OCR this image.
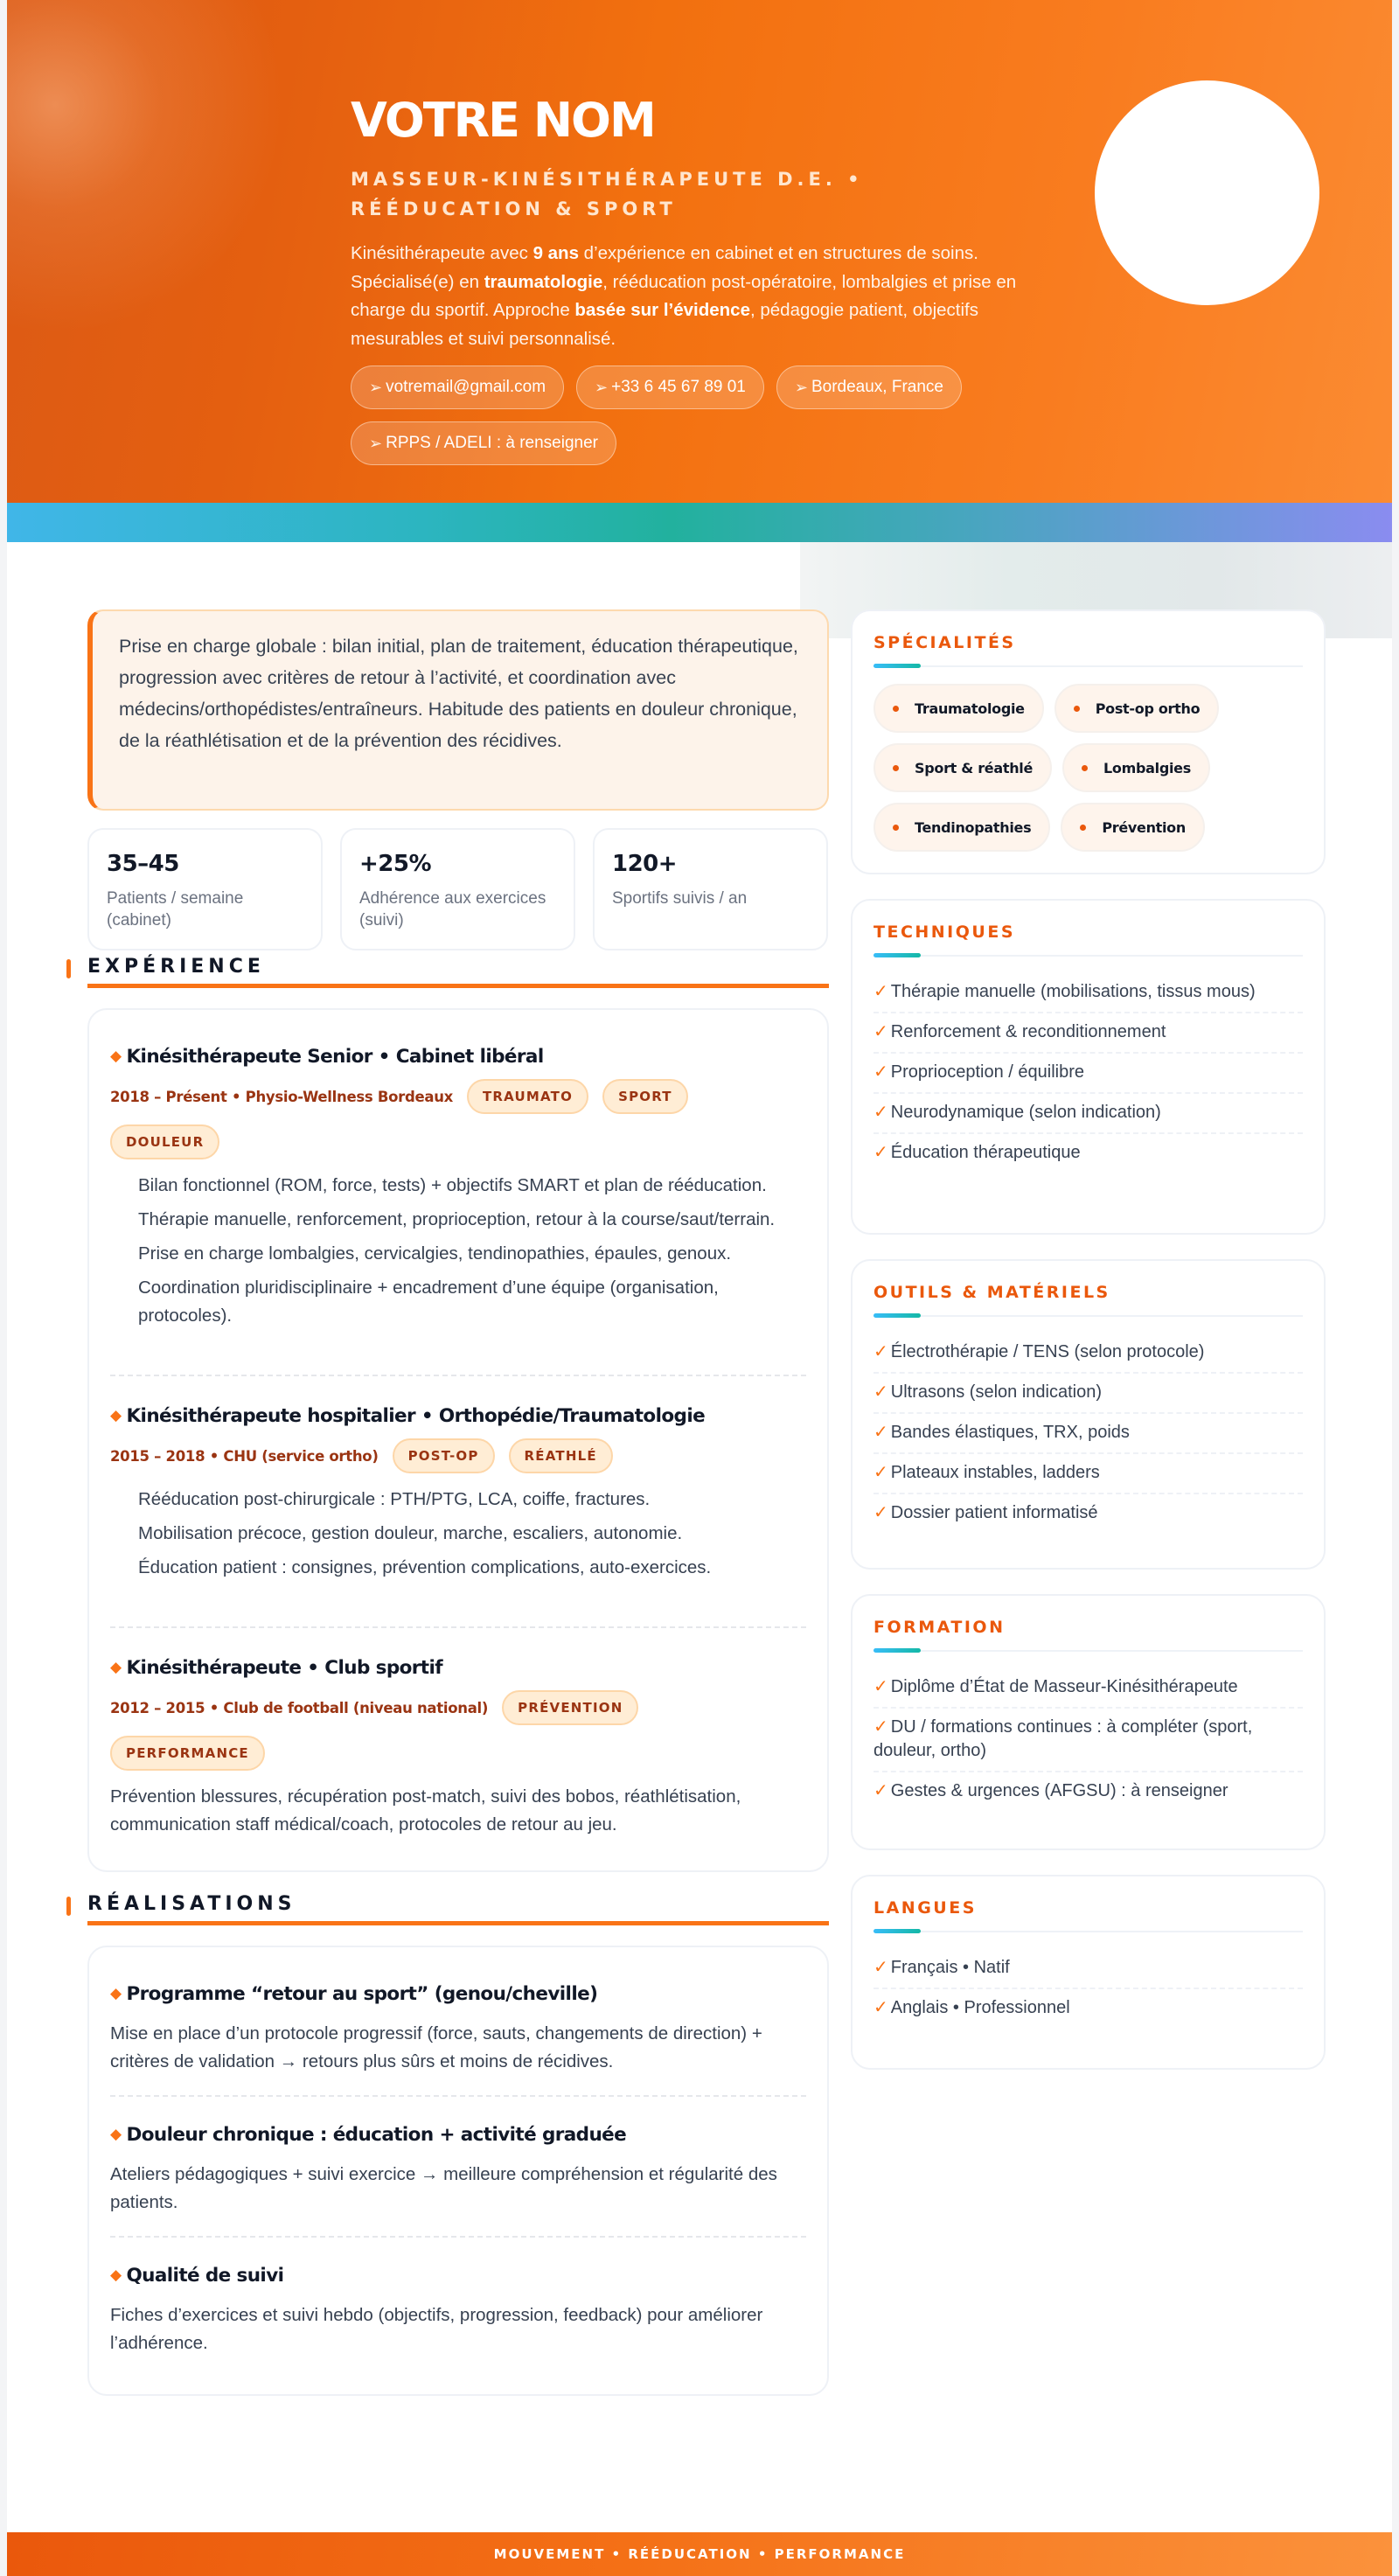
VOTRE NOM
MASSEUR-KINÉSITHÉRAPEUTE D.E. •
RÉÉDUCATION & SPORT

Kinésithérapeute avec 9 ans d’expérience en cabinet et en structures de soins. Spécialisé(e) en traumatologie, rééducation post-opératoire, lombalgies et prise en charge du sportif. Approche basée sur l’évidence, pédagogie patient, objectifs mesurables et suivi personnalisé.

➢ votremail@gmail.com	➢ +33 6 45 67 89 01	➢ Bordeaux, France
➢ RPPS / ADELI : à renseigner
Prise en charge globale : bilan initial, plan de traitement, éducation thérapeutique, progression avec critères de retour à l’activité, et coordination avec médecins/orthopédistes/entraîneurs. Habitude des patients en douleur chronique, de la réathlétisation et de la prévention des récidives.
35–45
Patients / semaine (cabinet)
+25%
Adhérence aux exercices (suivi)
120+
Sportifs suivis / an
EXPÉRIENCE
◆ Kinésithérapeute Senior • Cabinet libéral
2018 – Présent • Physio-Wellness Bordeaux	TRAUMATO	SPORT
DOULEUR
Bilan fonctionnel (ROM, force, tests) + objectifs SMART et plan de rééducation.
Thérapie manuelle, renforcement, proprioception, retour à la course/saut/terrain.
Prise en charge lombalgies, cervicalgies, tendinopathies, épaules, genoux.
Coordination pluridisciplinaire + encadrement d’une équipe (organisation, protocoles).
◆ Kinésithérapeute hospitalier • Orthopédie/Traumatologie
2015 – 2018 • CHU (service ortho)	POST-OP	RÉATHLÉ
Rééducation post-chirurgicale : PTH/PTG, LCA, coiffe, fractures.
Mobilisation précoce, gestion douleur, marche, escaliers, autonomie.
Éducation patient : consignes, prévention complications, auto-exercices.
◆ Kinésithérapeute • Club sportif
2012 – 2015 • Club de football (niveau national)	PRÉVENTION
PERFORMANCE

Prévention blessures, récupération post-match, suivi des bobos, réathlétisation, communication staff médical/coach, protocoles de retour au jeu.

RÉALISATIONS
◆ Programme “retour au sport” (genou/cheville)

Mise en place d’un protocole progressif (force, sauts, changements de direction) + critères de validation → retours plus sûrs et moins de récidives.

◆ Douleur chronique : éducation + activité graduée

Ateliers pédagogiques + suivi exercice → meilleure compréhension et régularité des patients.

◆ Qualité de suivi

Fiches d’exercices et suivi hebdo (objectifs, progression, feedback) pour améliorer l’adhérence.

SPÉCIALITÉS
Traumatologie	Post-op ortho
Sport & réathlé	Lombalgies
Tendinopathies	Prévention
TECHNIQUES
✓ Thérapie manuelle (mobilisations, tissus mous)
✓ Renforcement & reconditionnement
✓ Proprioception / équilibre
✓ Neurodynamique (selon indication)
✓ Éducation thérapeutique
OUTILS & MATÉRIELS
✓ Électrothérapie / TENS (selon protocole)
✓ Ultrasons (selon indication)
✓ Bandes élastiques, TRX, poids
✓ Plateaux instables, ladders
✓ Dossier patient informatisé
FORMATION
✓ Diplôme d’État de Masseur-Kinésithérapeute
✓ DU / formations continues : à compléter (sport, douleur, ortho)
✓ Gestes & urgences (AFGSU) : à renseigner
LANGUES
✓ Français • Natif
✓ Anglais • Professionnel
MOUVEMENT • RÉÉDUCATION • PERFORMANCE
